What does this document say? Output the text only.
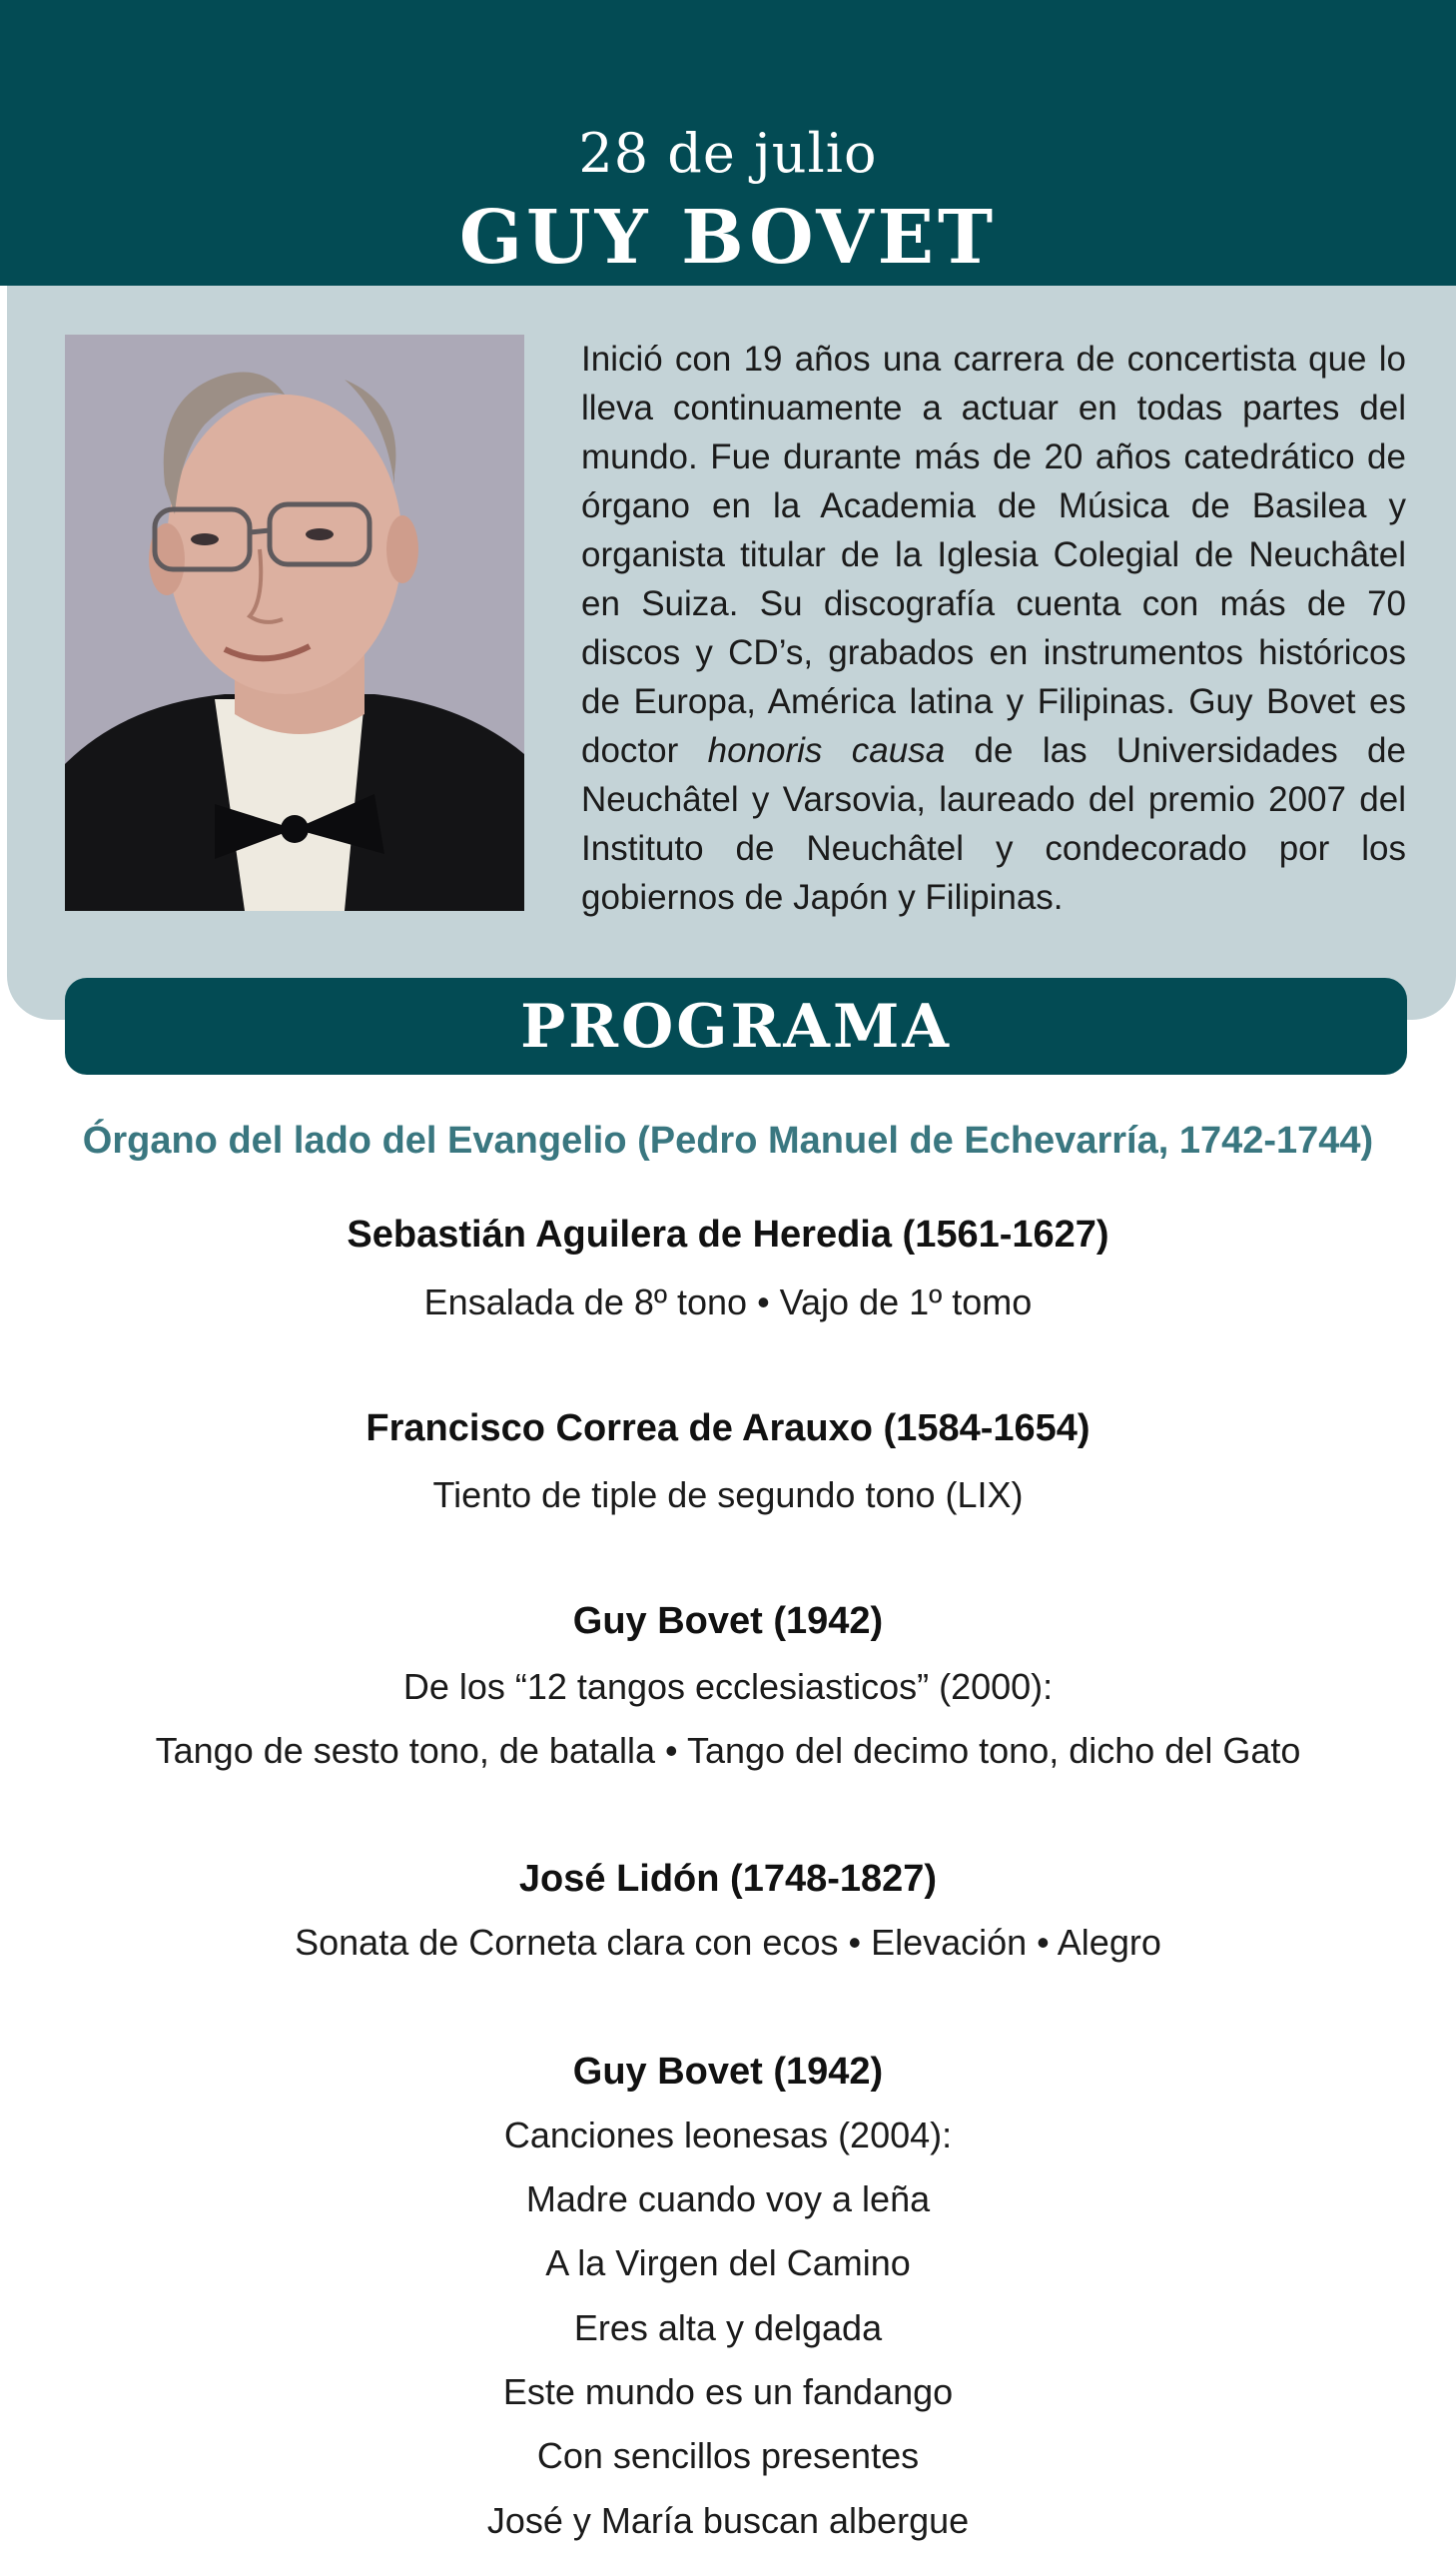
28 de julio
GUY BOVET

Inició con 19 años una carrera de concertista que lo lleva continuamente a actuar en todas partes del mundo. Fue durante más de 20 años catedrático de órgano en la Academia de Música de Basilea y organista titular de la Iglesia Colegial de Neuchâtel en Suiza. Su discografía cuenta con más de 70 discos y CD’s, grabados en instrumentos históricos de Europa, América latina y Filipinas. Guy Bovet es doctor honoris causa de las Universidades de Neuchâtel y Varsovia, laureado del premio 2007 del Instituto de Neuchâtel y condecorado por los gobiernos de Japón y Filipinas.

PROGRAMA
Órgano del lado del Evangelio (Pedro Manuel de Echevarría, 1742-1744)
Sebastián Aguilera de Heredia (1561-1627)
Ensalada de 8º tono • Vajo de 1º tomo
Francisco Correa de Arauxo (1584-1654)
Tiento de tiple de segundo tono (LIX)
Guy Bovet (1942)
De los “12 tangos ecclesiasticos” (2000):
Tango de sesto tono, de batalla • Tango del decimo tono, dicho del Gato
José Lidón (1748-1827)
Sonata de Corneta clara con ecos • Elevación • Alegro
Guy Bovet (1942)
Canciones leonesas (2004):
Madre cuando voy a leña
A la Virgen del Camino
Eres alta y delgada
Este mundo es un fandango
Con sencillos presentes
José y María buscan albergue
